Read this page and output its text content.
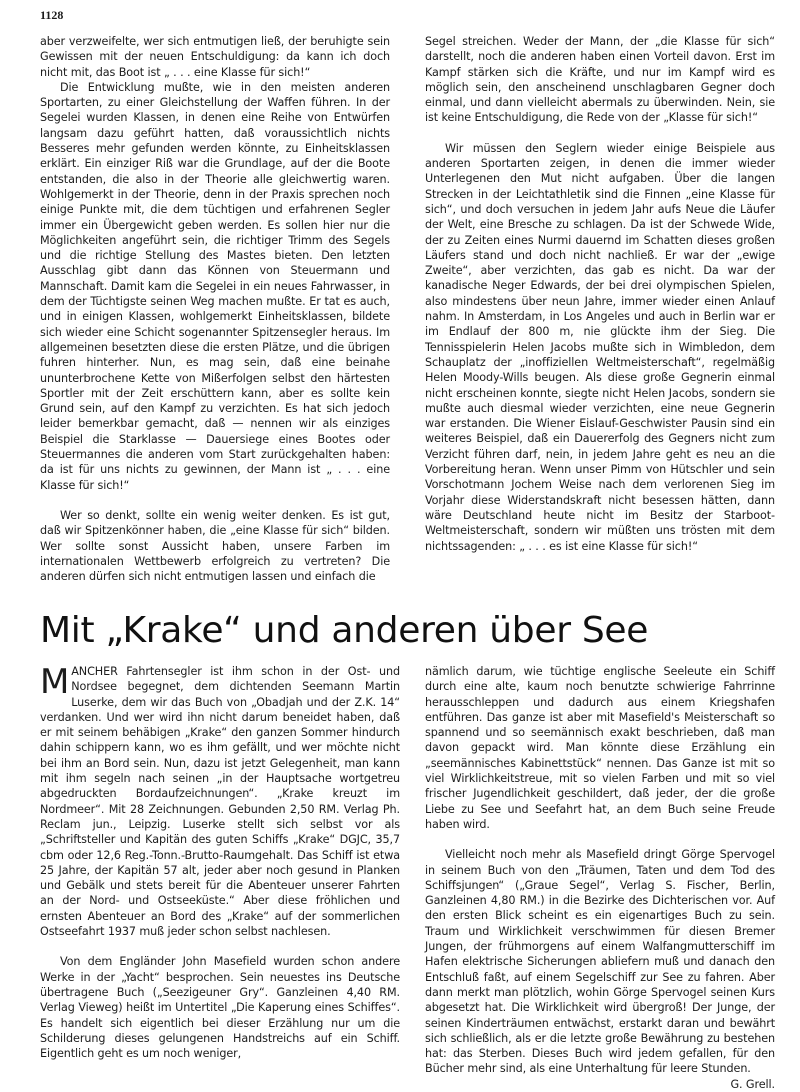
1128

aber verzweifelte, wer sich entmutigen ließ, der beruhigte sein Gewissen mit der neuen Entschuldigung: da kann ich doch nicht mit, das Boot ist „ . . . eine Klasse für sich!“

Die Entwicklung mußte, wie in den meisten anderen Sportarten, zu einer Gleichstellung der Waffen führen. In der Segelei wurden Klassen, in denen eine Reihe von Entwürfen langsam dazu geführt hatten, daß voraussichtlich nichts Besseres mehr gefunden werden könnte, zu Einheitsklassen erklärt. Ein einziger Riß war die Grundlage, auf der die Boote entstanden, die also in der Theorie alle gleichwertig waren. Wohlgemerkt in der Theorie, denn in der Praxis sprechen noch einige Punkte mit, die dem tüchtigen und erfahrenen Segler immer ein Übergewicht geben werden. Es sollen hier nur die Möglichkeiten angeführt sein, die richtiger Trimm des Segels und die richtige Stellung des Mastes bieten. Den letzten Ausschlag gibt dann das Können von Steuermann und Mannschaft. Damit kam die Segelei in ein neues Fahrwasser, in dem der Tüchtigste seinen Weg machen mußte. Er tat es auch, und in einigen Klassen, wohlgemerkt Einheitsklassen, bildete sich wieder eine Schicht sogenannter Spitzensegler heraus. Im allgemeinen besetzten diese die ersten Plätze, und die übrigen fuhren hinterher. Nun, es mag sein, daß eine beinahe ununterbrochene Kette von Mißerfolgen selbst den härtesten Sportler mit der Zeit erschüttern kann, aber es sollte kein Grund sein, auf den Kampf zu verzichten. Es hat sich jedoch leider bemerkbar gemacht, daß — nennen wir als einziges Beispiel die Starklasse — Dauersiege eines Bootes oder Steuermannes die anderen vom Start zurückgehalten haben: da ist für uns nichts zu gewinnen, der Mann ist „ . . . eine Klasse für sich!“

Wer so denkt, sollte ein wenig weiter denken. Es ist gut, daß wir Spitzenkönner haben, die „eine Klasse für sich“ bilden. Wer sollte sonst Aussicht haben, unsere Farben im internationalen Wettbewerb erfolgreich zu vertreten? Die anderen dürfen sich nicht entmutigen lassen und einfach die

Segel streichen. Weder der Mann, der „die Klasse für sich“ darstellt, noch die anderen haben einen Vorteil davon. Erst im Kampf stärken sich die Kräfte, und nur im Kampf wird es möglich sein, den anscheinend unschlagbaren Gegner doch einmal, und dann vielleicht abermals zu überwinden. Nein, sie ist keine Entschuldigung, die Rede von der „Klasse für sich!“

Wir müssen den Seglern wieder einige Beispiele aus anderen Sportarten zeigen, in denen die immer wieder Unterlegenen den Mut nicht aufgaben. Über die langen Strecken in der Leichtathletik sind die Finnen „eine Klasse für sich“, und doch versuchen in jedem Jahr aufs Neue die Läufer der Welt, eine Bresche zu schlagen. Da ist der Schwede Wide, der zu Zeiten eines Nurmi dauernd im Schatten dieses großen Läufers stand und doch nicht nachließ. Er war der „ewige Zweite“, aber verzichten, das gab es nicht. Da war der kanadische Neger Edwards, der bei drei olympischen Spielen, also mindestens über neun Jahre, immer wieder einen Anlauf nahm. In Amsterdam, in Los Angeles und auch in Berlin war er im Endlauf der 800 m, nie glückte ihm der Sieg. Die Tennisspielerin Helen Jacobs mußte sich in Wimbledon, dem Schauplatz der „inoffiziellen Weltmeisterschaft“, regelmäßig Helen Moody-Wills beugen. Als diese große Gegnerin einmal nicht erscheinen konnte, siegte nicht Helen Jacobs, sondern sie mußte auch diesmal wieder verzichten, eine neue Gegnerin war erstanden. Die Wiener Eislauf-Geschwister Pausin sind ein weiteres Beispiel, daß ein Dauererfolg des Gegners nicht zum Verzicht führen darf, nein, in jedem Jahre geht es neu an die Vorbereitung heran. Wenn unser Pimm von Hütschler und sein Vorschotmann Jochem Weise nach dem verlorenen Sieg im Vorjahr diese Widerstandskraft nicht besessen hätten, dann wäre Deutschland heute nicht im Besitz der Starboot-Weltmeisterschaft, sondern wir müßten uns trösten mit dem nichtssagenden: „ . . . es ist eine Klasse für sich!“

Mit „Krake“ und anderen über See

MANCHER Fahrtensegler ist ihm schon in der Ost- und Nordsee begegnet, dem dichtenden Seemann Martin Luserke, dem wir das Buch von „Obadjah und der Z.K. 14“ verdanken. Und wer wird ihn nicht darum beneidet haben, daß er mit seinem behäbigen „Krake“ den ganzen Sommer hindurch dahin schippern kann, wo es ihm gefällt, und wer möchte nicht bei ihm an Bord sein. Nun, dazu ist jetzt Gelegenheit, man kann mit ihm segeln nach seinen „in der Hauptsache wortgetreu abgedruckten Bordaufzeichnungen“. „Krake kreuzt im Nordmeer“. Mit 28 Zeichnungen. Gebunden 2,50 RM. Verlag Ph. Reclam jun., Leipzig. Luserke stellt sich selbst vor als „Schriftsteller und Kapitän des guten Schiffs „Krake“ DGJC, 35,7 cbm oder 12,6 Reg.-Tonn.-Brutto-Raumgehalt. Das Schiff ist etwa 25 Jahre, der Kapitän 57 alt, jeder aber noch gesund in Planken und Gebälk und stets bereit für die Abenteuer unserer Fahrten an der Nord- und Ostseeküste.“ Aber diese fröhlichen und ernsten Abenteuer an Bord des „Krake“ auf der sommerlichen Ostseefahrt 1937 muß jeder schon selbst nachlesen.

Von dem Engländer John Masefield wurden schon andere Werke in der „Yacht“ besprochen. Sein neuestes ins Deutsche übertragene Buch („Seezigeuner Gry“. Ganzleinen 4,40 RM. Verlag Vieweg) heißt im Untertitel „Die Kaperung eines Schiffes“. Es handelt sich eigentlich bei dieser Erzählung nur um die Schilderung dieses gelungenen Handstreichs auf ein Schiff. Eigentlich geht es um noch weniger,

nämlich darum, wie tüchtige englische Seeleute ein Schiff durch eine alte, kaum noch benutzte schwierige Fahrrinne herausschleppen und dadurch aus einem Kriegshafen entführen. Das ganze ist aber mit Masefield's Meisterschaft so spannend und so seemännisch exakt beschrieben, daß man davon gepackt wird. Man könnte diese Erzählung ein „seemännisches Kabinettstück“ nennen. Das Ganze ist mit so viel Wirklichkeitstreue, mit so vielen Farben und mit so viel frischer Jugendlichkeit geschildert, daß jeder, der die große Liebe zu See und Seefahrt hat, an dem Buch seine Freude haben wird.

Vielleicht noch mehr als Masefield dringt Görge Spervogel in seinem Buch von den „Träumen, Taten und dem Tod des Schiffsjungen“ („Graue Segel“, Verlag S. Fischer, Berlin, Ganzleinen 4,80 RM.) in die Bezirke des Dichterischen vor. Auf den ersten Blick scheint es ein eigenartiges Buch zu sein. Traum und Wirklichkeit verschwimmen für diesen Bremer Jungen, der frühmorgens auf einem Walfangmutterschiff im Hafen elektrische Sicherungen abliefern muß und danach den Entschluß faßt, auf einem Segelschiff zur See zu fahren. Aber dann merkt man plötzlich, wohin Görge Spervogel seinen Kurs abgesetzt hat. Die Wirklichkeit wird übergroß! Der Junge, der seinen Kinderträumen entwächst, erstarkt daran und bewährt sich schließlich, als er die letzte große Bewährung zu bestehen hat: das Sterben. Dieses Buch wird jedem gefallen, für den Bücher mehr sind, als eine Unterhaltung für leere Stunden.
G. Grell.
